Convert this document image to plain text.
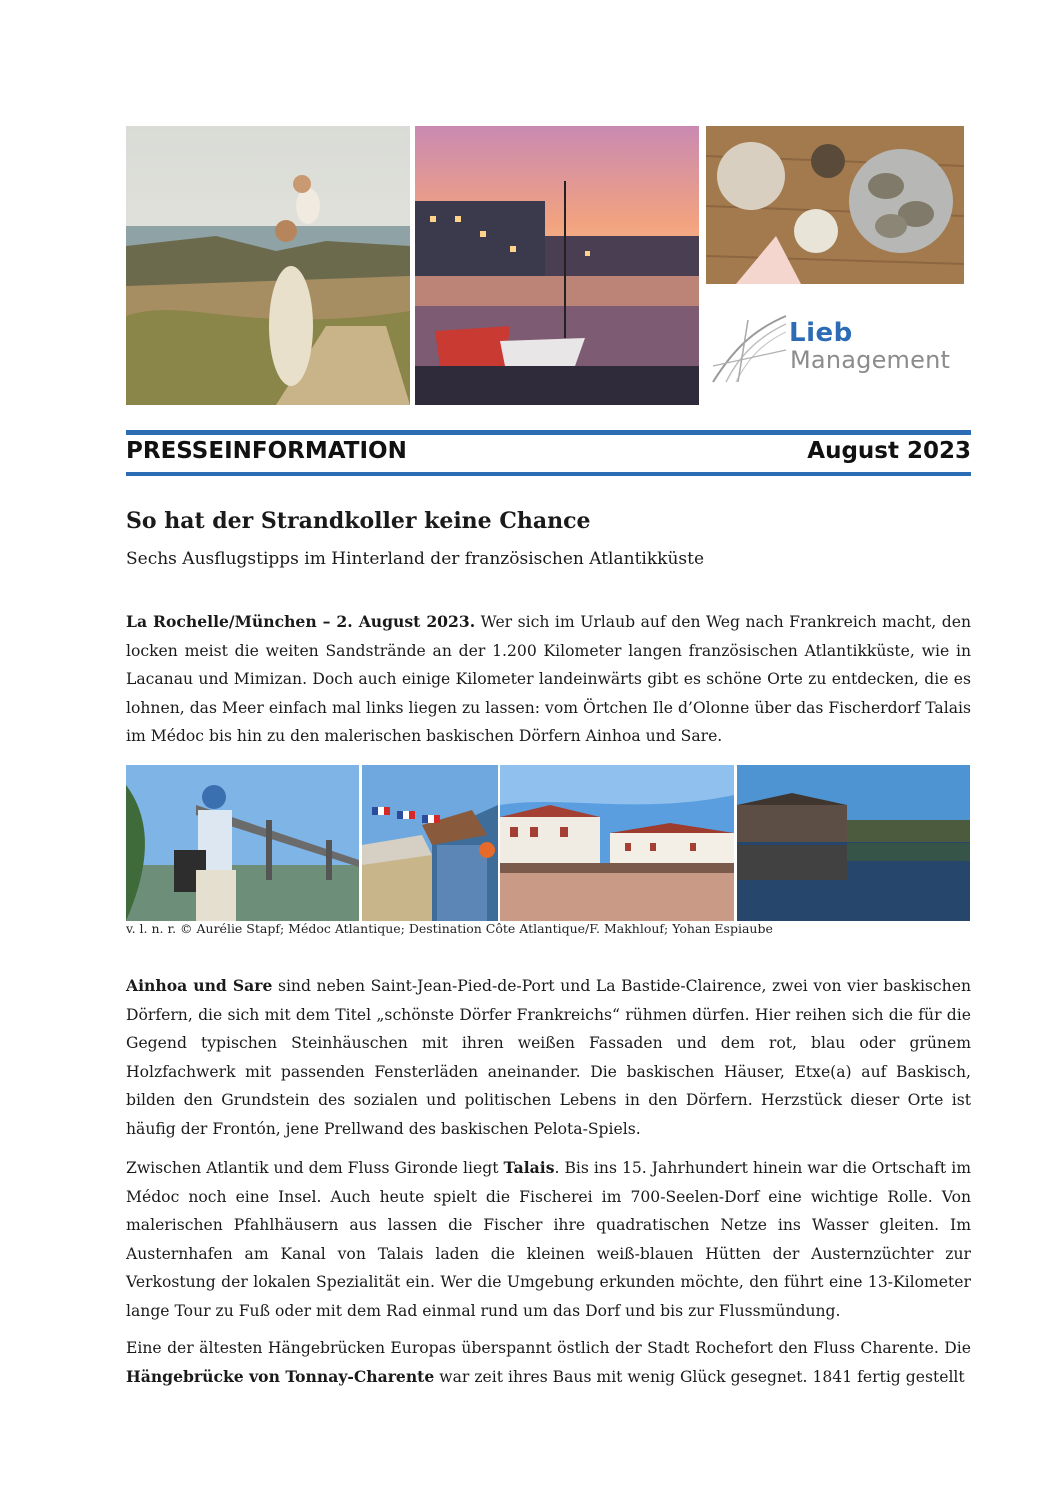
Lieb
Management
PRESSEINFORMATION	August 2023
So hat der Strandkoller keine Chance

Sechs Ausflugstipps im Hinterland der französischen Atlantikküste

La Rochelle/München – 2. August 2023. Wer sich im Urlaub auf den Weg nach Frankreich macht, den locken meist die weiten Sandstrände an der 1.200 Kilometer langen französischen Atlantikküste, wie in Lacanau und Mimizan. Doch auch einige Kilometer landeinwärts gibt es schöne Orte zu entdecken, die es lohnen, das Meer einfach mal links liegen zu lassen: vom Örtchen Ile d’Olonne über das Fischerdorf Talais im Médoc bis hin zu den malerischen baskischen Dörfern Ainhoa und Sare.

v. l. n. r. © Aurélie Stapf; Médoc Atlantique; Destination Côte Atlantique/F. Makhlouf; Yohan Espiaube

Ainhoa und Sare sind neben Saint-Jean-Pied-de-Port und La Bastide-Clairence, zwei von vier baskischen Dörfern, die sich mit dem Titel „schönste Dörfer Frankreichs“ rühmen dürfen. Hier reihen sich die für die Gegend typischen Steinhäuschen mit ihren weißen Fassaden und dem rot, blau oder grünem Holzfachwerk mit passenden Fensterläden aneinander. Die baskischen Häuser, Etxe(a) auf Baskisch, bilden den Grundstein des sozialen und politischen Lebens in den Dörfern. Herzstück dieser Orte ist häufig der Frontón, jene Prellwand des baskischen Pelota-Spiels.

Zwischen Atlantik und dem Fluss Gironde liegt Talais. Bis ins 15. Jahrhundert hinein war die Ortschaft im Médoc noch eine Insel. Auch heute spielt die Fischerei im 700-Seelen-Dorf eine wichtige Rolle. Von malerischen Pfahlhäusern aus lassen die Fischer ihre quadratischen Netze ins Wasser gleiten. Im Austernhafen am Kanal von Talais laden die kleinen weiß-blauen Hütten der Austernzüchter zur Verkostung der lokalen Spezialität ein. Wer die Umgebung erkunden möchte, den führt eine 13-Kilometer lange Tour zu Fuß oder mit dem Rad einmal rund um das Dorf und bis zur Flussmündung.

Eine der ältesten Hängebrücken Europas überspannt östlich der Stadt Rochefort den Fluss Charente. Die Hängebrücke von Tonnay-Charente war zeit ihres Baus mit wenig Glück gesegnet. 1841 fertig gestellt
